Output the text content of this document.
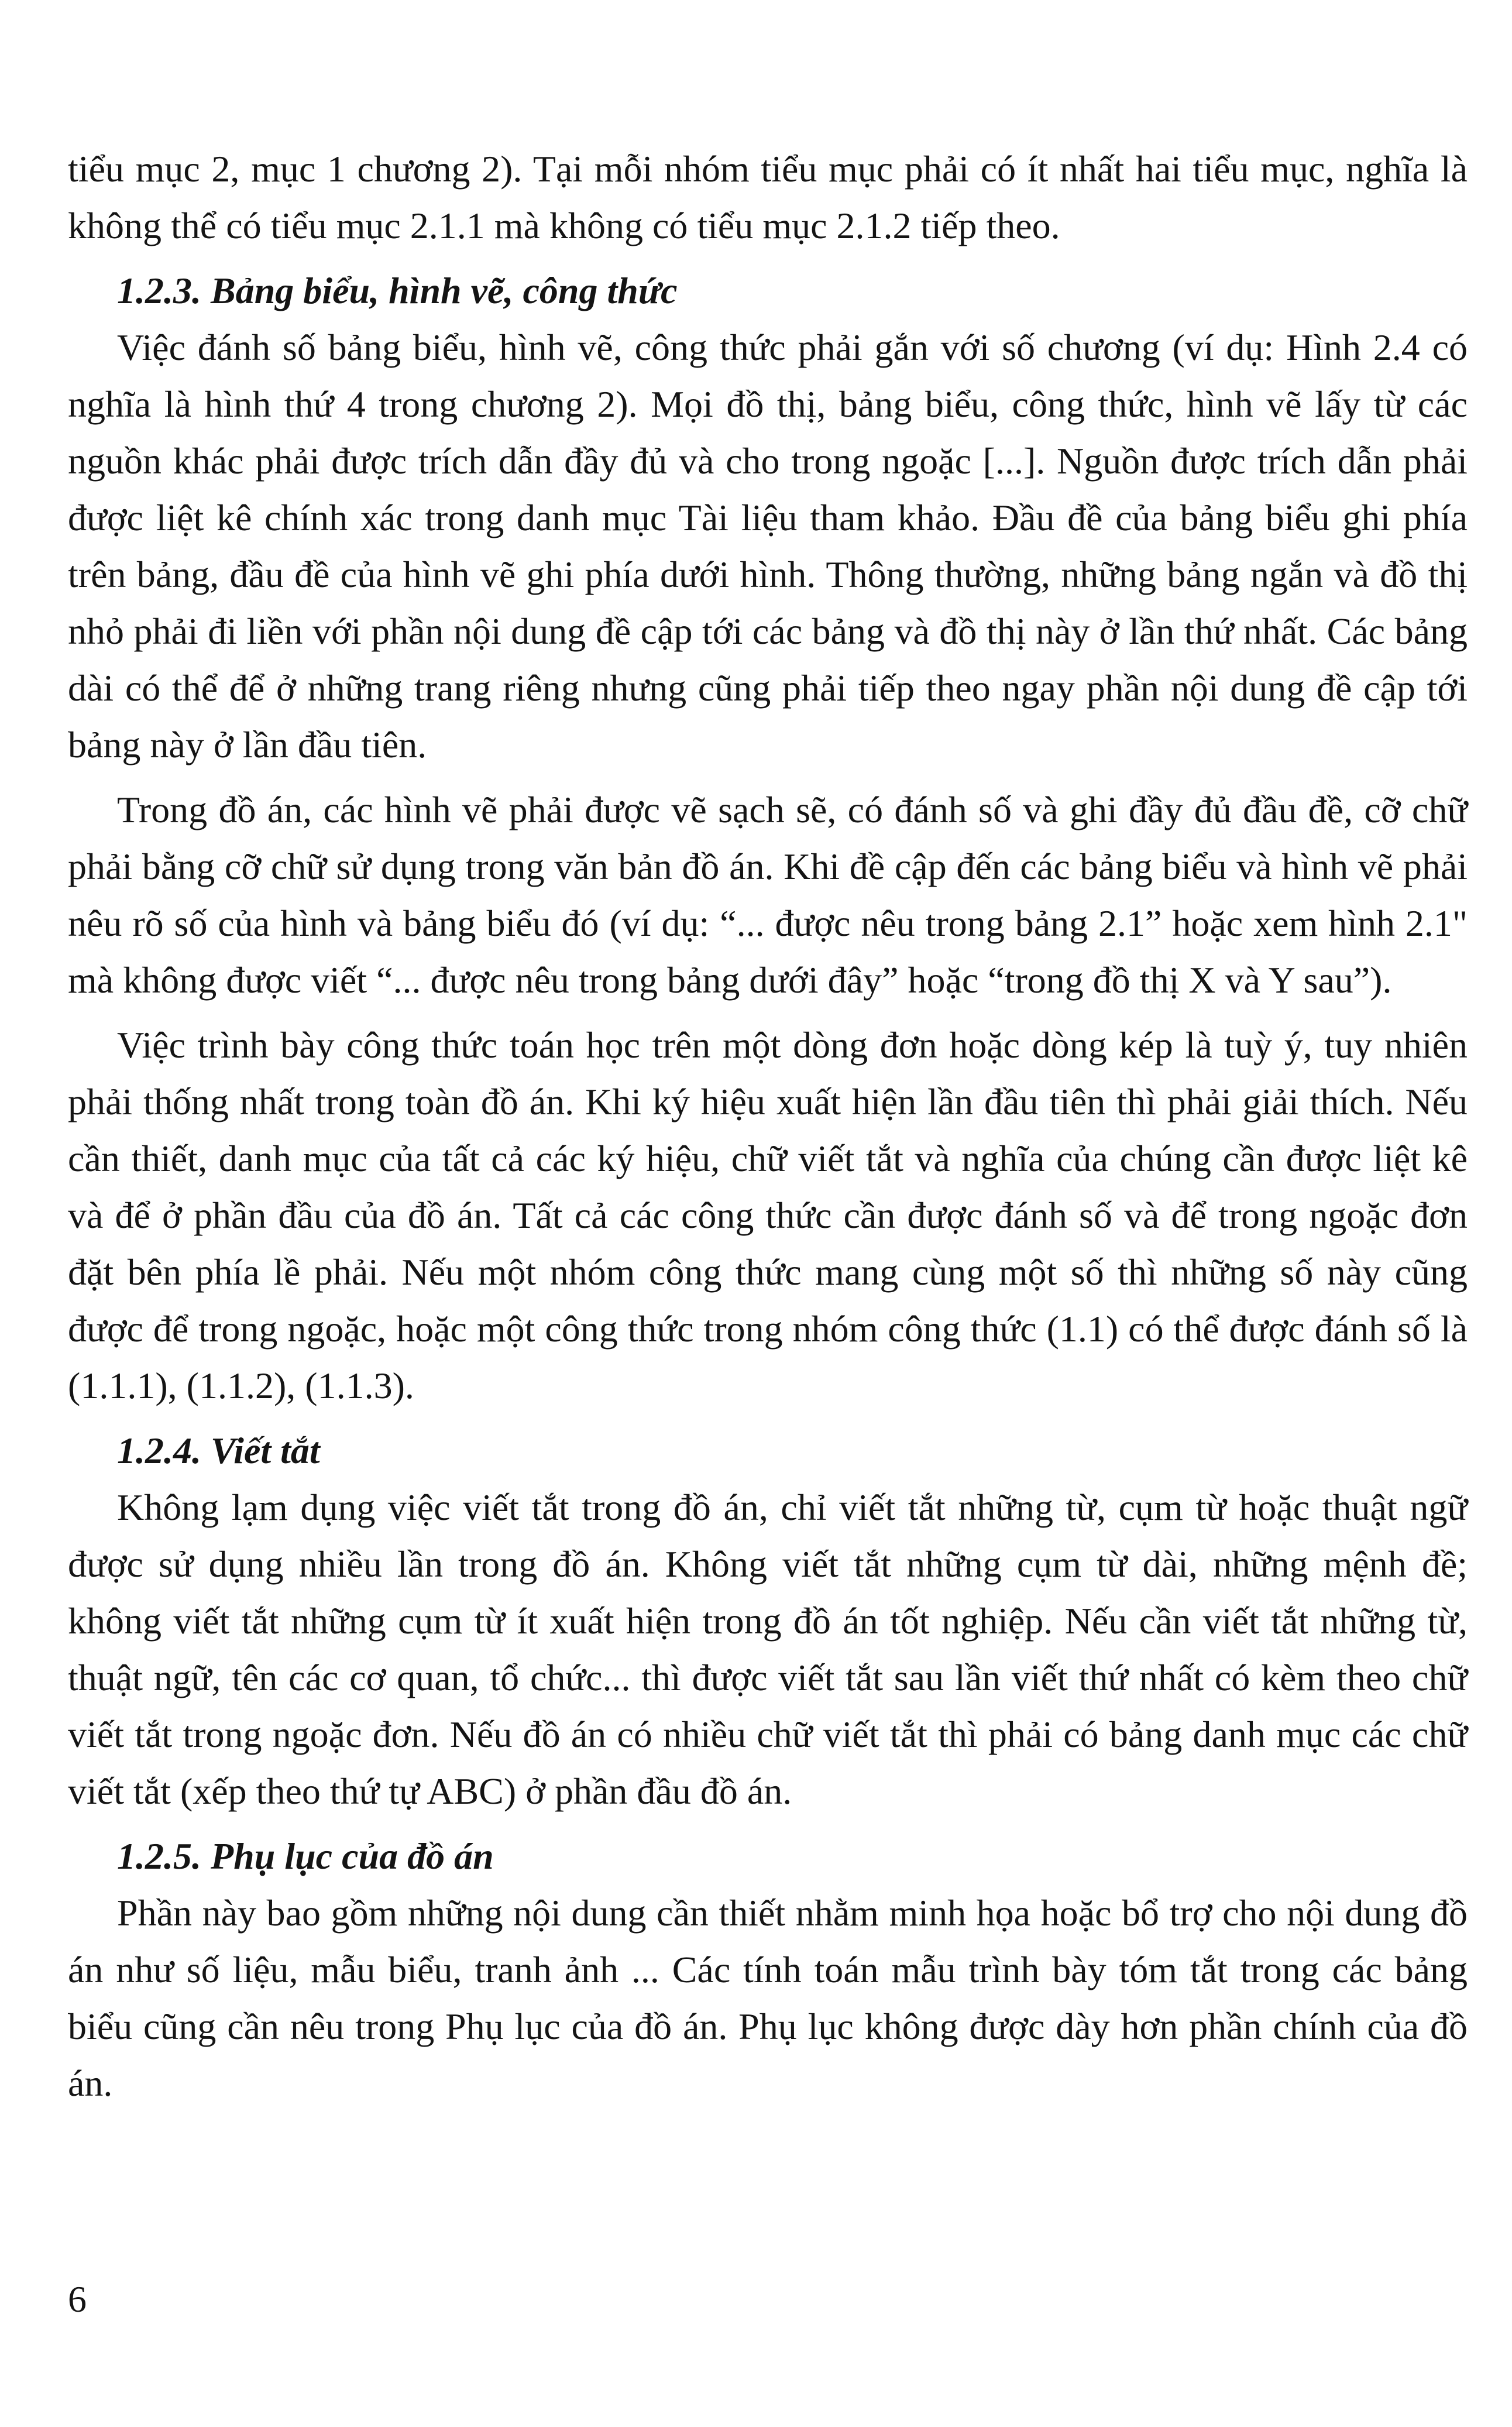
tiểu mục 2, mục 1 chương 2). Tại mỗi nhóm tiểu mục phải có ít nhất hai tiểu mục, nghĩa là không thể có tiểu mục 2.1.1 mà không có tiểu mục 2.1.2 tiếp theo.

1.2.3. Bảng biểu, hình vẽ, công thức

Việc đánh số bảng biểu, hình vẽ, công thức phải gắn với số chương (ví dụ: Hình 2.4 có nghĩa là hình thứ 4 trong chương 2). Mọi đồ thị, bảng biểu, công thức, hình vẽ lấy từ các nguồn khác phải được trích dẫn đầy đủ và cho trong ngoặc [...]. Nguồn được trích dẫn phải được liệt kê chính xác trong danh mục Tài liệu tham khảo. Đầu đề của bảng biểu ghi phía trên bảng, đầu đề của hình vẽ ghi phía dưới hình. Thông thường, những bảng ngắn và đồ thị nhỏ phải đi liền với phần nội dung đề cập tới các bảng và đồ thị này ở lần thứ nhất. Các bảng dài có thể để ở những trang riêng nhưng cũng phải tiếp theo ngay phần nội dung đề cập tới bảng này ở lần đầu tiên.

Trong đồ án, các hình vẽ phải được vẽ sạch sẽ, có đánh số và ghi đầy đủ đầu đề, cỡ chữ phải bằng cỡ chữ sử dụng trong văn bản đồ án. Khi đề cập đến các bảng biểu và hình vẽ phải nêu rõ số của hình và bảng biểu đó (ví dụ: “... được nêu trong bảng 2.1” hoặc xem hình 2.1" mà không được viết “... được nêu trong bảng dưới đây” hoặc “trong đồ thị X và Y sau”).

Việc trình bày công thức toán học trên một dòng đơn hoặc dòng kép là tuỳ ý, tuy nhiên phải thống nhất trong toàn đồ án. Khi ký hiệu xuất hiện lần đầu tiên thì phải giải thích. Nếu cần thiết, danh mục của tất cả các ký hiệu, chữ viết tắt và nghĩa của chúng cần được liệt kê và để ở phần đầu của đồ án. Tất cả các công thức cần được đánh số và để trong ngoặc đơn đặt bên phía lề phải. Nếu một nhóm công thức mang cùng một số thì những số này cũng được để trong ngoặc, hoặc một công thức trong nhóm công thức (1.1) có thể được đánh số là (1.1.1), (1.1.2), (1.1.3).

1.2.4. Viết tắt

Không lạm dụng việc viết tắt trong đồ án, chỉ viết tắt những từ, cụm từ hoặc thuật ngữ được sử dụng nhiều lần trong đồ án. Không viết tắt những cụm từ dài, những mệnh đề; không viết tắt những cụm từ ít xuất hiện trong đồ án tốt nghiệp. Nếu cần viết tắt những từ, thuật ngữ, tên các cơ quan, tổ chức... thì được viết tắt sau lần viết thứ nhất có kèm theo chữ viết tắt trong ngoặc đơn. Nếu đồ án có nhiều chữ viết tắt thì phải có bảng danh mục các chữ viết tắt (xếp theo thứ tự ABC) ở phần đầu đồ án.

1.2.5. Phụ lục của đồ án

Phần này bao gồm những nội dung cần thiết nhằm minh họa hoặc bổ trợ cho nội dung đồ án như số liệu, mẫu biểu, tranh ảnh ... Các tính toán mẫu trình bày tóm tắt trong các bảng biểu cũng cần nêu trong Phụ lục của đồ án. Phụ lục không được dày hơn phần chính của đồ án.

6
